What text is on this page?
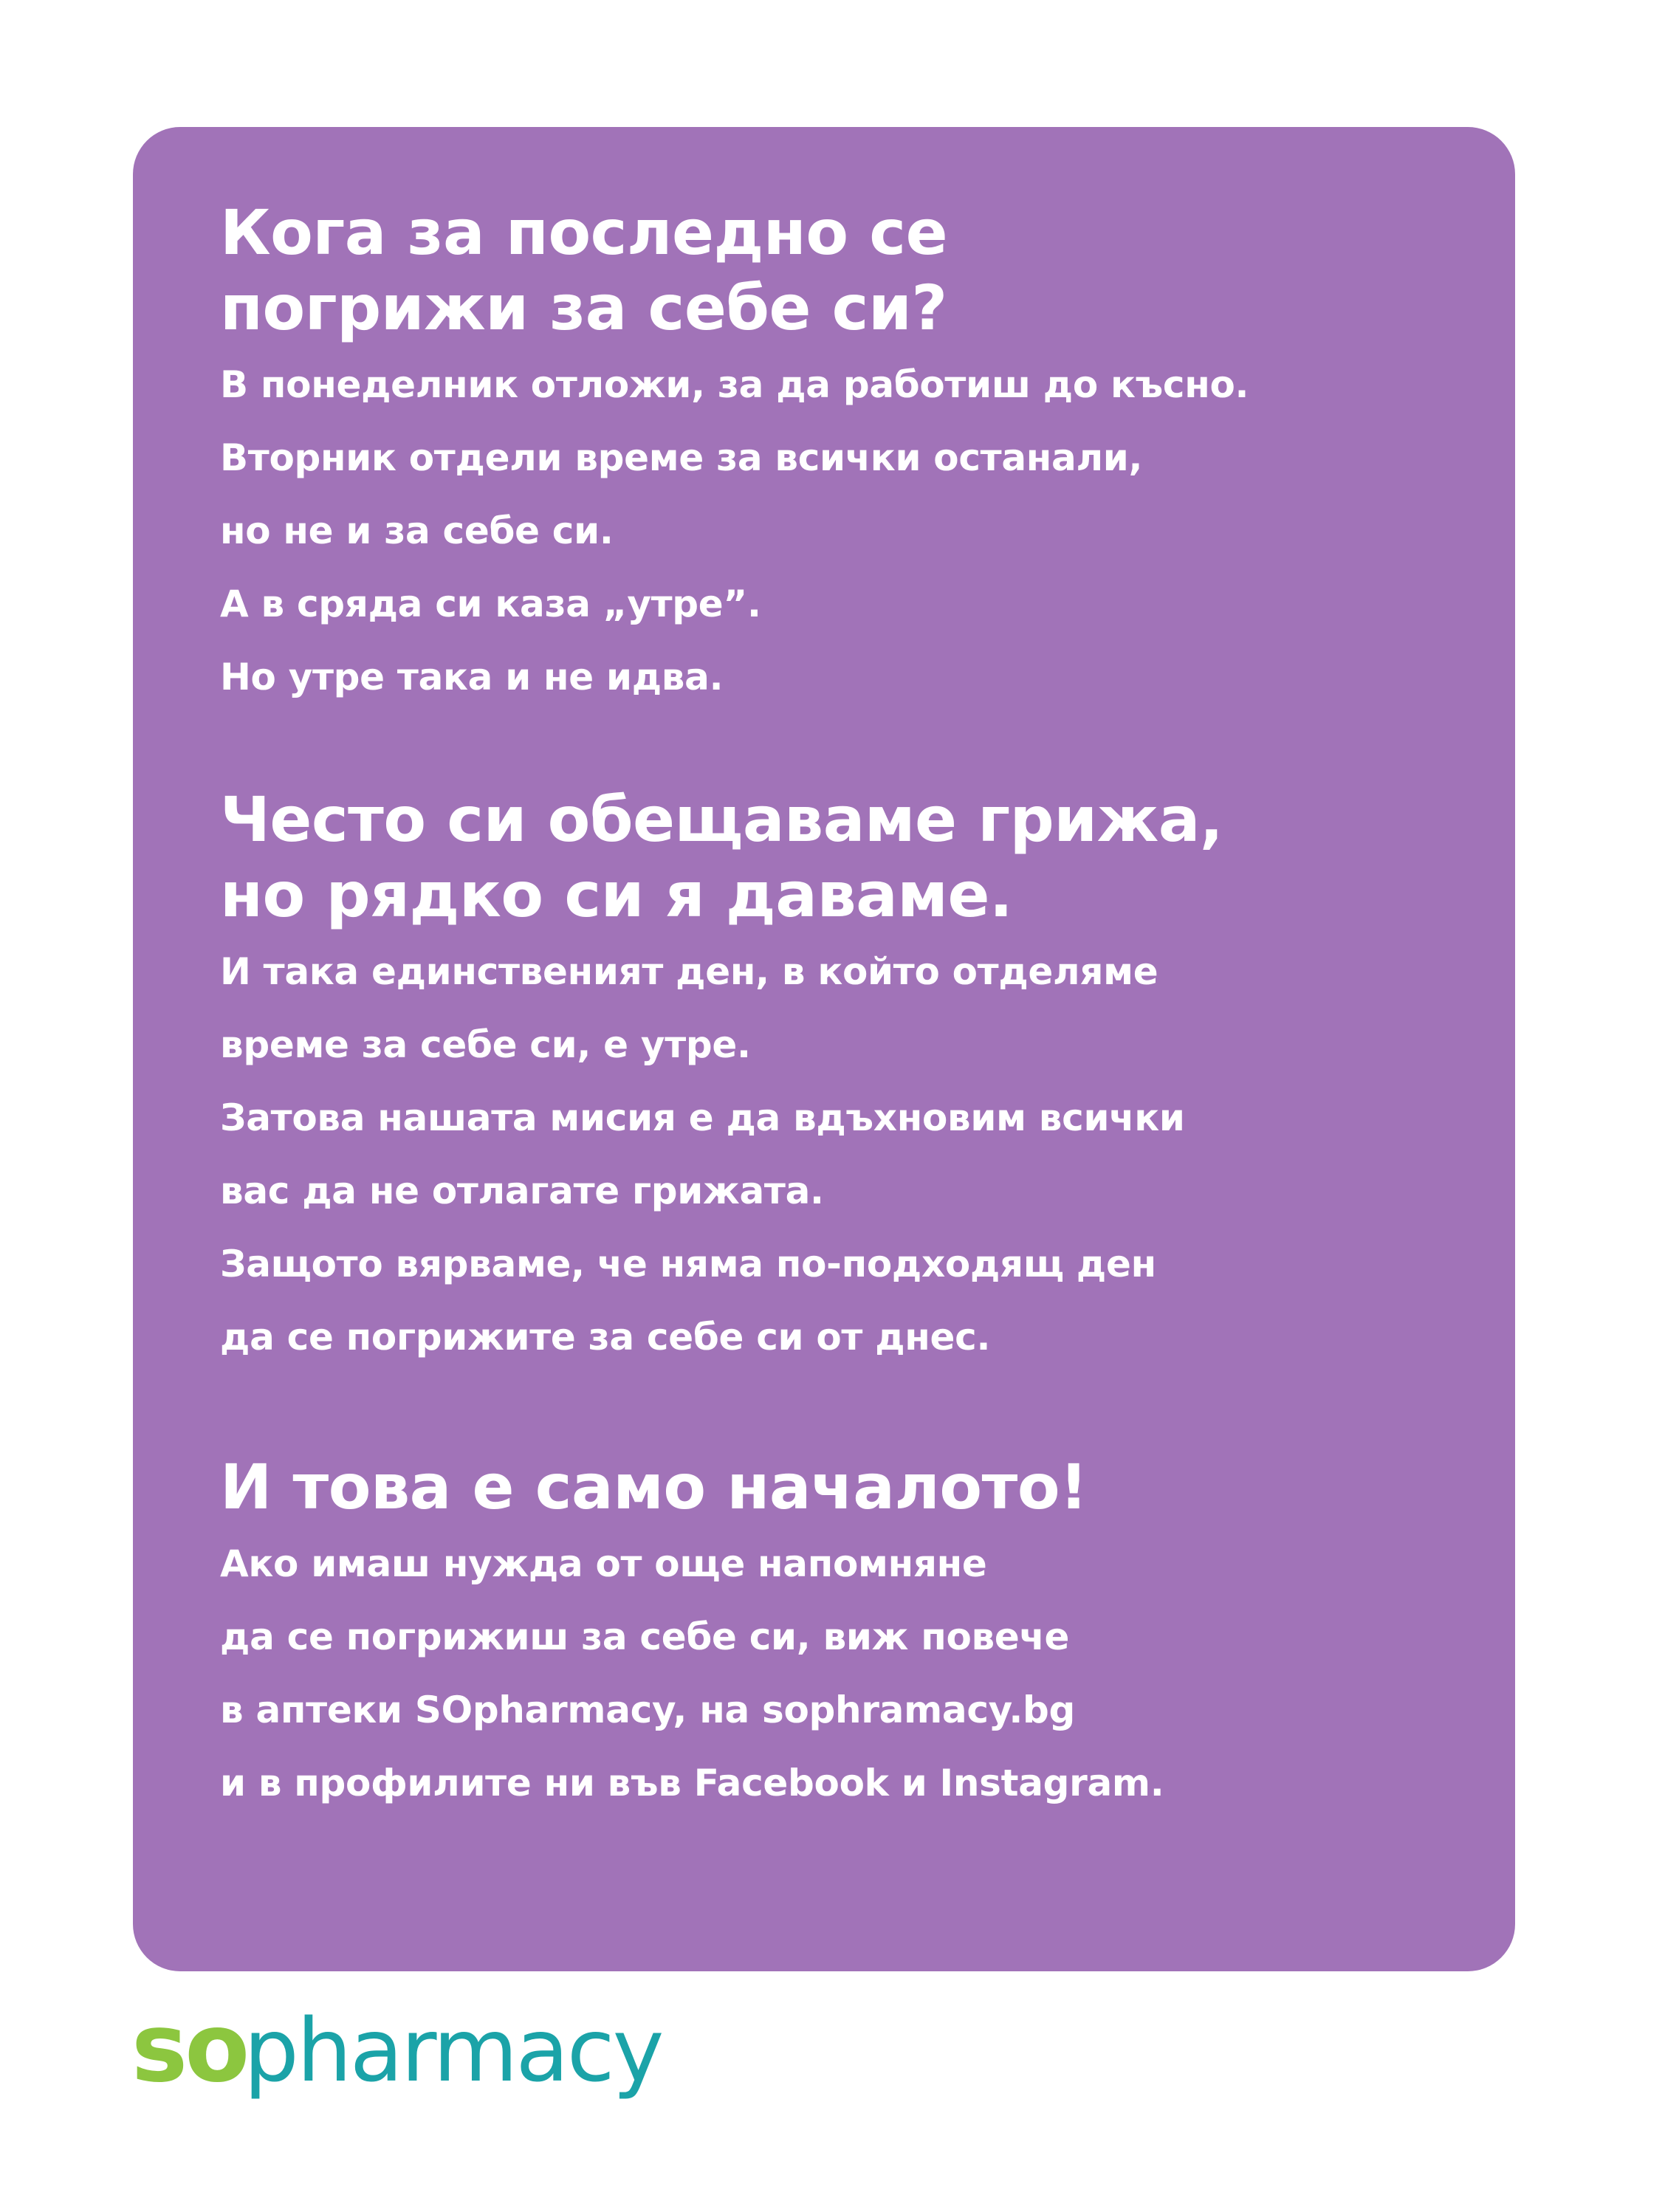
Кога за последно се
погрижи за себе си?

В понеделник отложи, за да работиш до късно.
Вторник отдели време за всички останали,
но не и за себе си.
А в сряда си каза „утре”.
Но утре така и не идва.

Често си обещаваме грижа,
но рядко си я даваме.

И така единственият ден, в който отделяме
време за себе си, е утре.
Затова нашата мисия е да вдъхновим всички
вас да не отлагате грижата.
Защото вярваме, че няма по-подходящ ден
да се погрижите за себе си от днес.

И това е само началото!

Ако имаш нужда от още напомняне
да се погрижиш за себе си, виж повече
в аптеки SOpharmacy, на sophramacy.bg
и в профилите ни във Facebook и Instagram.

so
pharmacy
